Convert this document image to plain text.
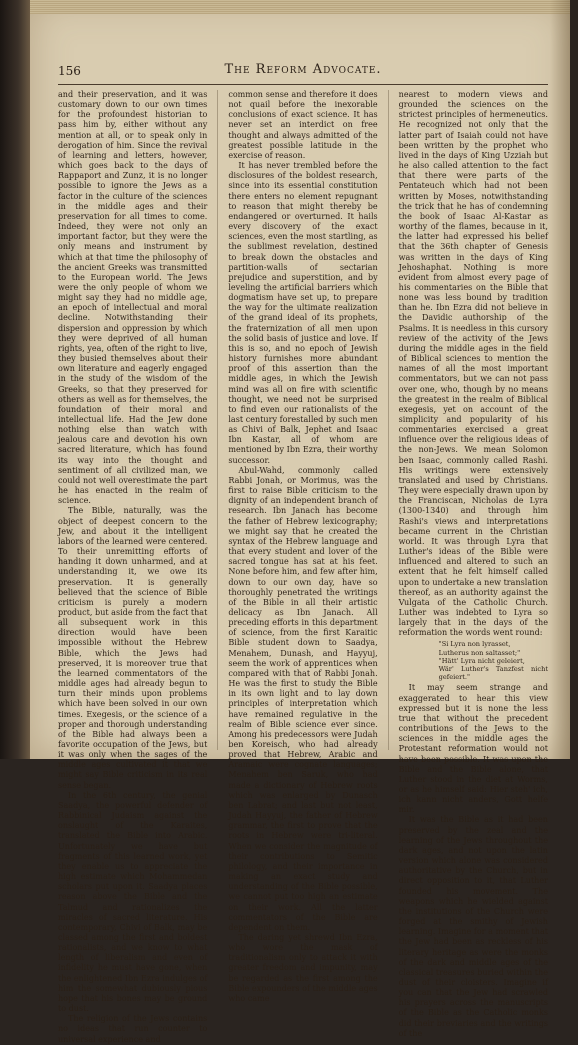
156	The Reform Advocate.

and their preservation, and it was customary down to our own times for the profoundest historian to pass him by, either without any mention at all, or to speak only in derogation of him. Since the revival of learning and letters, however, which goes back to the days of Rappaport and Zunz, it is no longer possible to ignore the Jews as a factor in the culture of the sciences in the middle ages and their preservation for all times to come. Indeed, they were not only an important factor, but they were the only means and instrument by which at that time the philosophy of the ancient Greeks was transmitted to the European world. The Jews were the only people of whom we might say they had no middle age, an epoch of intellectual and moral decline. Notwithstanding their dispersion and oppression by which they were deprived of all human rights, yea, often of the right to live, they busied themselves about their own literature and eagerly engaged in the study of the wisdom of the Greeks, so that they preserved for others as well as for themselves, the foundation of their moral and intellectual life. Had the Jew done nothing else than watch with jealous care and devotion his own sacred literature, which has found its way into the thought and sentiment of all civilized man, we could not well overestimate the part he has enacted in the realm of science.

The Bible, naturally, was the object of deepest concern to the Jew, and about it the intelligent labors of the learned were centered. To their unremitting efforts of handing it down unharmed, and at understanding it, we owe its preservation. It is generally believed that the science of Bible criticism is purely a modern product, but aside from the fact that all subsequent work in this direction would have been impossible without the Hebrew Bible, which the Jews had preserved, it is moreover true that the learned commentators of the middle ages had already begun to turn their minds upon problems which have been solved in our own times. Exegesis, or the science of a proper and thorough understanding of the Bible had always been a favorite occupation of the Jews, but it was only when the sages of the middle ages cultivated it that we might say Bible criticism in its real sense began.

In the 6th century, the genial Saadya, the powerful defender of Rabbinical Judaism against the onslaught of the Karaites, translated the Bible into Arabic. Unfortunately we have but fragments of this learned work, yet they enable us to appreciate the high estimate which Mohammedan scholars put upon it. Saadya places reason above the Bible and the Talmud and rationalizes the miracles of sacred literature. His contemporary, Chivi of Balk, may be classed among the first and boldest rationalists, and we know to what length of liberalism and even of infidelity he must have gone, when the enlightened Ibn Ezra indulges of him the somewhat dubiously pious hope that his bones may be ground to dust.

The religion of the Jews contains no ideas that run counter to universal experience and

common sense and therefore it does not quail before the inexorable conclusions of exact science. It has never set an interdict on free thought and always admitted of the greatest possible latitude in the exercise of reason.

It has never trembled before the disclosures of the boldest research, since into its essential constitution there enters no element repugnant to reason that might thereby be endangered or overturned. It hails every discovery of the exact sciences, even the most startling, as the sublimest revelation, destined to break down the obstacles and partition-walls of sectarian prejudice and superstition, and by leveling the artificial barriers which dogmatism have set up, to prepare the way for the ultimate realization of the grand ideal of its prophets, the fraternization of all men upon the solid basis of justice and love. If this is so, and no epoch of Jewish history furnishes more abundant proof of this assertion than the middle ages, in which the Jewish mind was all on fire with scientific thought, we need not be surprised to find even our rationalists of the last century forestalled by such men as Chivi of Balk, Jephet and Isaac Ibn Kastar, all of whom are mentioned by Ibn Ezra, their worthy successor.

Abul-Wahd, commonly called Rabbi Jonah, or Morimus, was the first to raise Bible criticism to the dignity of an independent branch of research. Ibn Janach has become the father of Hebrew lexicography; we might say that he created the syntax of the Hebrew language and that every student and lover of the sacred tongue has sat at his feet. None before him, and few after him, down to our own day, have so thoroughly penetrated the writings of the Bible in all their artistic delicacy as Ibn Janach. All preceding efforts in this department of science, from the first Karaitic Bible student down to Saadya, Menahem, Dunash, and Hayyuj, seem the work of apprentices when compared with that of Rabbi Jonah. He was the first to study the Bible in its own light and to lay down principles of interpretation which have remained regulative in the realm of Bible science ever since. Among his predecessors were Judah ben Koreisch, who had already proved that Hebrew, Arabic and Aramaic were cognate languages; Menahem ben Saruk, who had made a dictionary of Hebrew roots which was enlarged by Dunasch ben Labrat; and last but not least, Judah Hayyuj, the father of Hebrew grammar, the first to prove that the roots in Hebrew were tri-literal. When we consider the magnitude of their contributions to Semitic philology, and their importance in making an exact study and understanding of the Bible possible, we cannot put too high an estimate on their work. All the latter commentators of the Bible are dependent on them.

The daring yet shrewd Ibn Ezra, who wore the mask of traditionalism only to attack it with greater freedom and impunity, may be regarded as the first among the Bible expounders of the middle ages who came

nearest to modern views and grounded the sciences on the strictest principles of hermeneutics. He recognized not only that the latter part of Isaiah could not have been written by the prophet who lived in the days of King Uzziah but he also called attention to the fact that there were parts of the Pentateuch which had not been written by Moses, notwithstanding the trick that he has of condemning the book of Isaac Al-Kastar as worthy of the flames, because in it, the latter had expressed his belief that the 36th chapter of Genesis was written in the days of King Jehoshaphat. Nothing is more evident from almost every page of his commentaries on the Bible that none was less bound by tradition than he. Ibn Ezra did not believe in the Davidic authorship of the Psalms. It is needless in this cursory review of the activity of the Jews during the middle ages in the field of Biblical sciences to mention the names of all the most important commentators, but we can not pass over one, who, though by no means the greatest in the realm of Biblical exegesis, yet on account of the simplicity and popularity of his commentaries exercised a great influence over the religious ideas of the non-Jews. We mean Solomon ben Isaac, commonly called Rashi. His writings were extensively translated and used by Christians. They were especially drawn upon by the Franciscan, Nicholas de Lyra (1300-1340) and through him Rashi's views and interpretations became current in the Christian world. It was through Lyra that Luther's ideas of the Bible were influenced and altered to such an extent that he felt himself called upon to undertake a new translation thereof, as an authority against the Vulgata of the Catholic Church. Luther was indebted to Lyra so largely that in the days of the reformation the words went round:

"Si Lyra non lyrasset,
Lutherus non saltasset;"
"Hätt' Lyra nicht geleiert,
Wär' Luther's Tanzfest nicht gefeiert."

It may seem strange and exaggerated to hear this view expressed but it is none the less true that without the precedent contributions of the Jews to the sciences in the middle ages the Protestant reformation would not have been possible. It was upon the Bible and the Bible alone, that Luther stood in the diet at Worms, or as he himself said: Hier steh' ich, ich kann nicht anders, Gott helfe mir.

It was the Bible as it had been preserved by the zeal and the learning of the Jews throughout the dark ages, and not upon the latin version which alone was considered authoritative by the Church, but in direct opposition to it, that Luther founded his movement. The weapons which he wielded against the institutions of the Church were forged at the smithy of Jewish learning. Imagine for a moment that the Jew had been as reckless of his literary heritage as were the monks of the dark and middle ages of the classical treasures buried within the dust of their cloisters. Imagine if you can that the Jew had scrawled his prayers across the manuscripts of the Bible as the Catholic monks did their breviaries and the writings of the
